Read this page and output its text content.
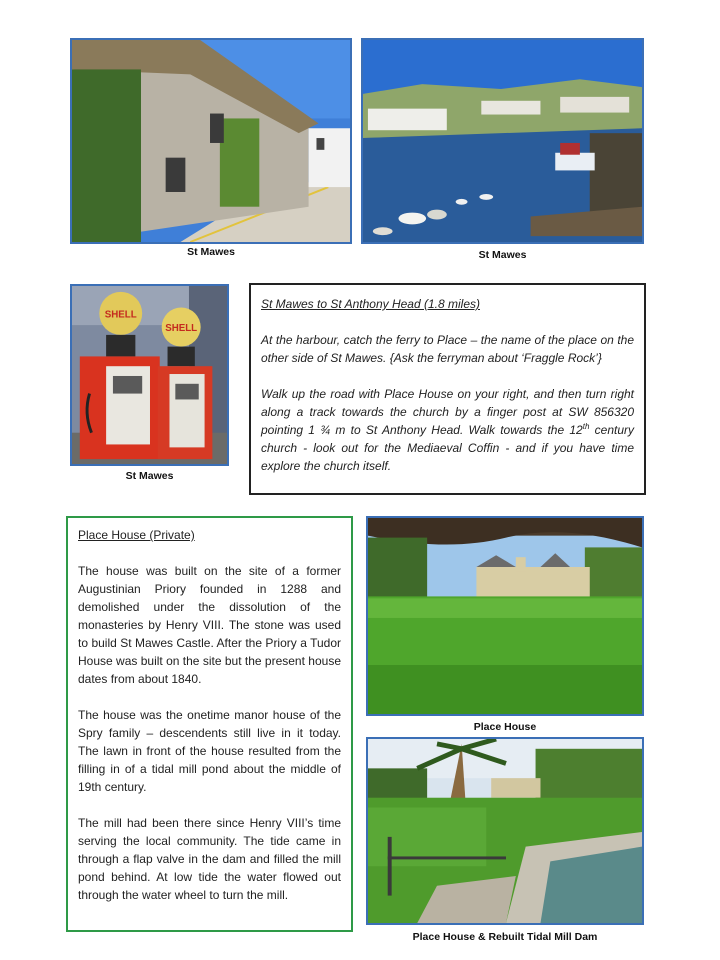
St Mawes	St Mawes
SHELL
SHELL
St Mawes

St Mawes to St Anthony Head (1.8 miles)

At the harbour, catch the ferry to Place – the name of the place on the other side of St Mawes. {Ask the ferryman about ‘Fraggle Rock’}

Walk up the road with Place House on your right, and then turn right along a track towards the church by a finger post at SW 856320 pointing 1 ¾ m to St Anthony Head. Walk towards the 12th century church - look out for the Mediaeval Coffin - and if you have time explore the church itself.

Place House (Private)

The house was built on the site of a former Augustinian Priory founded in 1288 and demolished under the dissolution of the monasteries by Henry VIII. The stone was used to build St Mawes Castle. After the Priory a Tudor House was built on the site but the present house dates from about 1840.

The house was the onetime manor house of the Spry family – descendents still live in it today. The lawn in front of the house resulted from the filling in of a tidal mill pond about the middle of 19th century.

The mill had been there since Henry VIII’s time serving the local community. The tide came in through a flap valve in the dam and filled the mill pond behind. At low tide the water flowed out through the water wheel to turn the mill.

Place House
Place House & Rebuilt Tidal Mill Dam
